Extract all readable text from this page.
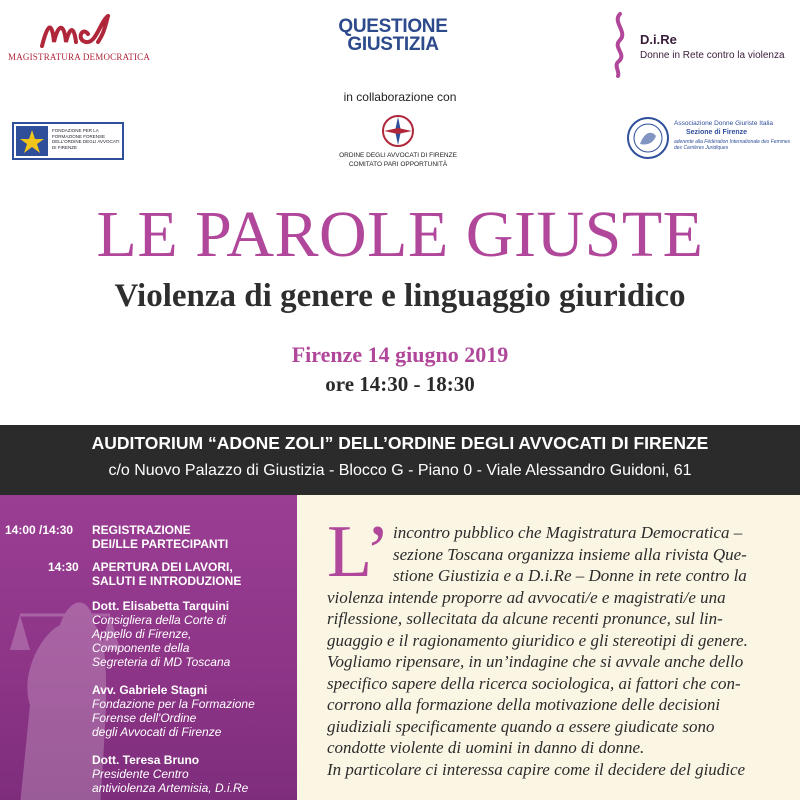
MAGISTRATURA DEMOCRATICA
QUESTIONE
GIUSTIZIA	D.i.Re
Donne in Rete contro la violenza
in collaborazione con
FONDAZIONE PER LA FORMAZIONE FORENSE DELL'ORDINE DEGLI AVVOCATI DI FIRENZE
ORDINE DEGLI AVVOCATI DI FIRENZE
COMITATO PARI OPPORTUNITÀ
Associazione Donne Giuriste Italia
Sezione di Firenze
aderente alla Fédération Internationale des Femmes des Carrières Juridiques
LE PAROLE GIUSTE
Violenza di genere e linguaggio giuridico
Firenze 14 giugno 2019
ore 14:30 - 18:30
AUDITORIUM “ADONE ZOLI” DELL’ORDINE DEGLI AVVOCATI DI FIRENZE
c/o Nuovo Palazzo di Giustizia - Blocco G - Piano 0 - Viale Alessandro Guidoni, 61
14:00 /14:30 REGISTRAZIONE
DEI/LLE PARTECIPANTI
14:30 APERTURA DEI LAVORI,
SALUTI E INTRODUZIONE
Dott. Elisabetta Tarquini
Consigliera della Corte di
Appello di Firenze,
Componente della
Segreteria di MD Toscana
Avv. Gabriele Stagni
Fondazione per la Formazione
Forense dell'Ordine
degli Avvocati di Firenze
Dott. Teresa Bruno
Presidente Centro
antiviolenza Artemisia, D.i.Re
L’ incontro pubblico che Magistratura Democratica –
sezione Toscana organizza insieme alla rivista Que-
stione Giustizia e a D.i.Re – Donne in rete contro la
violenza intende proporre ad avvocati/e e magistrati/e una
riflessione, sollecitata da alcune recenti pronunce, sul lin-
guaggio e il ragionamento giuridico e gli stereotipi di genere.
Vogliamo ripensare, in un’indagine che si avvale anche dello
specifico sapere della ricerca sociologica, ai fattori che con-
corrono alla formazione della motivazione delle decisioni
giudiziali specificamente quando a essere giudicate sono
condotte violente di uomini in danno di donne.
In particolare ci interessa capire come il decidere del giudice
